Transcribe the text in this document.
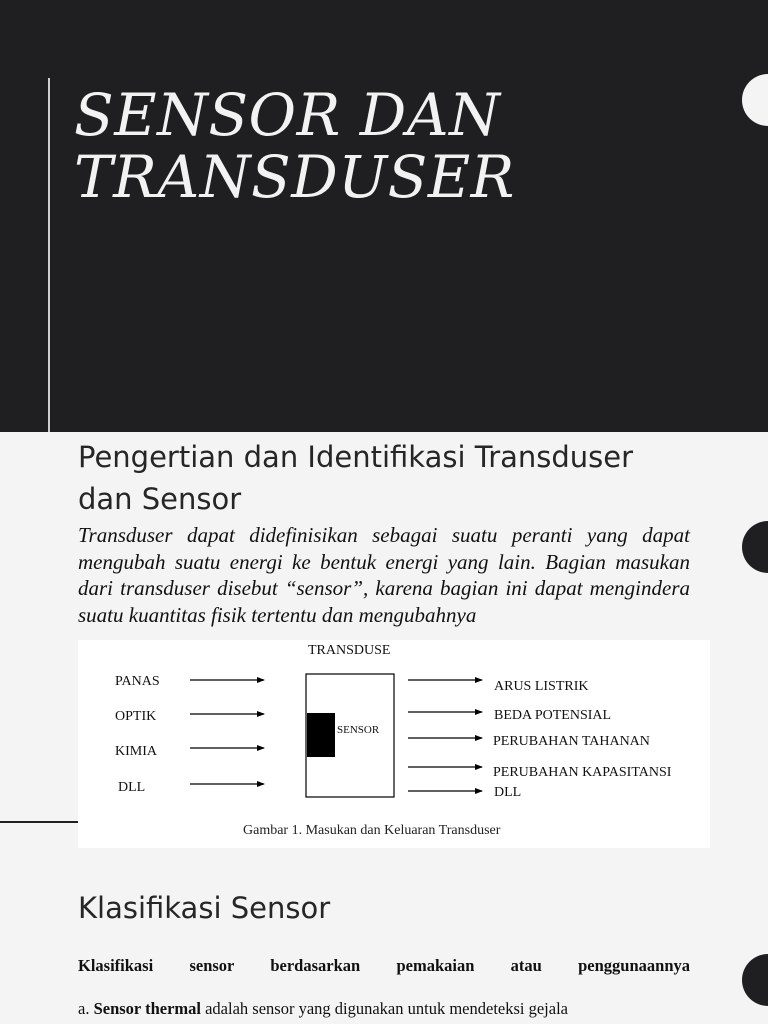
SENSOR DAN
TRANSDUSER
Pengertian dan Identifikasi Transduser dan Sensor

Transduser dapat didefinisikan sebagai suatu peranti yang dapat mengubah suatu energi ke bentuk energi yang lain. Bagian masukan dari transduser disebut “sensor”, karena bagian ini dapat mengindera suatu kuantitas fisik tertentu dan mengubahnya

TRANSDUSE
PANAS
OPTIK
KIMIA
DLL
SENSOR
ARUS LISTRIK
BEDA POTENSIAL
PERUBAHAN TAHANAN
PERUBAHAN KAPASITANSI
DLL
Gambar 1. Masukan dan Keluaran Transduser
Klasifikasi Sensor

Klasifikasi sensor berdasarkan pemakaian atau penggunaannya

a. Sensor thermal adalah sensor yang digunakan untuk mendeteksi gejala
